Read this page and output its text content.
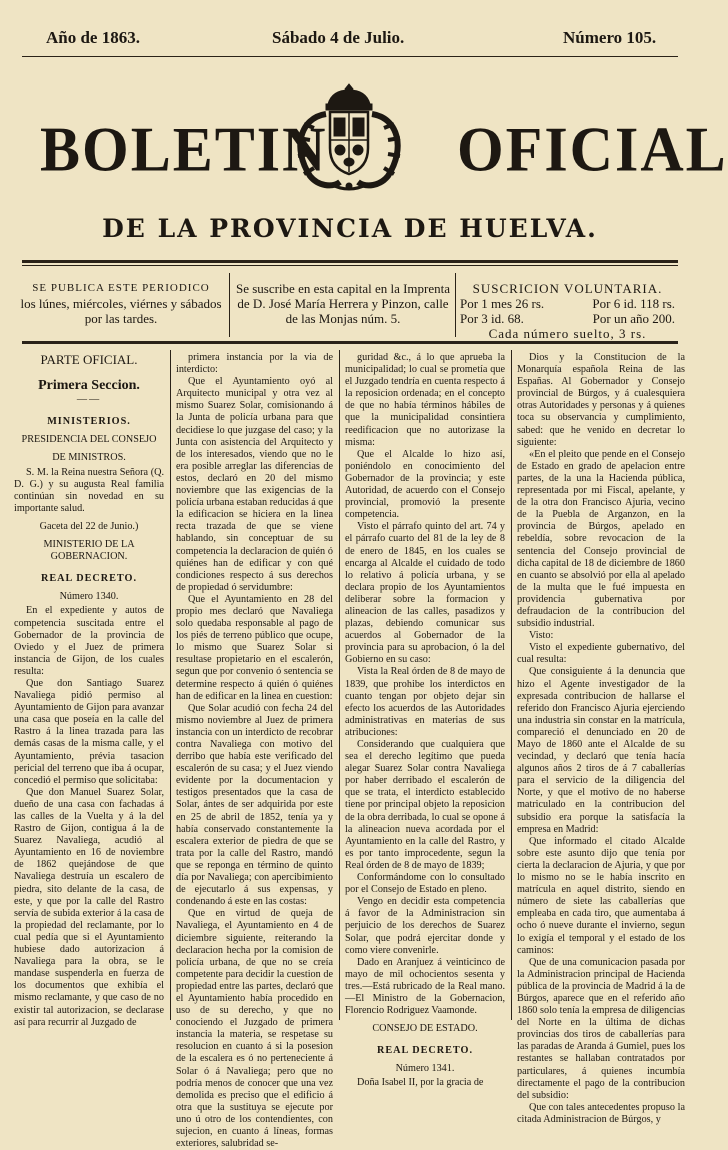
Año de 1863.	Sábado 4 de Julio.	Número 105.
BOLETIN OFICIAL
DE LA PROVINCIA DE HUELVA.
SE PUBLICA ESTE PERIODICO
los lúnes, miércoles, viérnes y sábados
por las tardes.
Se suscribe en esta capital en la Imprenta
de D. José María Herrera y Pinzon, calle
de las Monjas núm. 5.
SUSCRICION VOLUNTARIA.
Por 1 mes 26 rs.	Por 6 id. 118 rs.
Por 3 id. 68.	Por un año 200.
Cada número suelto, 3 rs.

PARTE OFICIAL.

Primera Seccion.

——

MINISTERIOS.

PRESIDENCIA DEL CONSEJO

DE MINISTROS.

S. M. la Reina nuestra Señora (Q. D. G.) y su augusta Real familia continúan sin novedad en su importante salud.

Gaceta del 22 de Junio.)

MINISTERIO DE LA GOBERNACION.

REAL DECRETO.

Número 1340.

En el expediente y autos de competencia suscitada entre el Gobernador de la provincia de Oviedo y el Juez de primera instancia de Gijon, de los cuales resulta:

Que don Santiago Suarez Navaliega pidió permiso al Ayuntamiento de Gijon para avanzar una casa que poseía en la calle del Rastro á la linea trazada para las demás casas de la misma calle, y el Ayuntamiento, prévia tasacion pericial del terreno que iba á ocupar, concedió el permiso que solicitaba:

Que don Manuel Suarez Solar, dueño de una casa con fachadas á las calles de la Vuelta y á la del Rastro de Gijon, contigua á la de Suarez Navaliega, acudió al Ayuntamiento en 16 de noviembre de 1862 quejándose de que Navaliega destruía un escalero de piedra, sito delante de la casa, de este, y que por la calle del Rastro servía de subida exterior á la casa de la propiedad del reclamante, por lo cual pedía que si el Ayuntamiento hubiese dado autorizacion á Navaliega para la obra, se le mandase suspenderla en fuerza de los documentos que exhibía el mismo reclamante, y que caso de no existir tal autorizacion, se declarase así para recurrir al Juzgado de

primera instancia por la via de interdicto:

Que el Ayuntamiento oyó al Arquitecto municipal y otra vez al mismo Suarez Solar, comisionando á la Junta de policía urbana para que decidiese lo que juzgase del caso; y la Junta con asistencia del Arquitecto y de los interesados, viendo que no le era posible arreglar las diferencias de estos, declaró en 20 del mismo noviembre que las exigencias de la policía urbana estaban reducidas á que la edificacion se hiciera en la linea recta trazada de que se viene hablando, sin conceptuar de su competencia la declaracion de quién ó quiénes han de edificar y con qué condiciones respecto á sus derechos de propiedad ó servidumbre:

Que el Ayuntamiento en 28 del propio mes declaró que Navaliega solo quedaba responsable al pago de los piés de terreno público que ocupe, lo mismo que Suarez Solar si resultase propietario en el escalerón, segun que por convenio ó sentencia se determine respecto á quién ó quiénes han de edificar en la linea en cuestion:

Que Solar acudió con fecha 24 del mismo noviembre al Juez de primera instancia con un interdicto de recobrar contra Navaliega con motivo del derribo que había este verificado del escalerón de su casa; y el Juez viendo evidente por la documentacion y testigos presentados que la casa de Solar, ántes de ser adquirida por este en 25 de abril de 1852, tenía ya y había conservado constantemente la escalera exterior de piedra de que se trata por la calle del Rastro, mandó que se reponga en término de quinto día por Navaliega; con apercibimiento de ejecutarlo á sus expensas, y condenando á este en las costas:

Que en virtud de queja de Navaliega, el Ayuntamiento en 4 de diciembre siguiente, reiterando la declaracion hecha por la comision de policía urbana, de que no se creía competente para decidir la cuestion de propiedad entre las partes, declaró que el Ayuntamiento había procedido en uso de su derecho, y que no conociendo el Juzgado de primera instancia la materia, se respetase su resolucion en cuanto á si la posesion de la escalera es ó no perteneciente á Solar ó á Navaliega; pero que no podría menos de conocer que una vez demolida es preciso que el edificio á otra que la sustituya se ejecute por uno ú otro de los contendientes, con sujecion, en cuanto á líneas, formas exteriores, salubridad se-

guridad &c., á lo que aprueba la municipalidad; lo cual se prometía que el Juzgado tendría en cuenta respecto á la reposicion ordenada; en el concepto de que no había términos hábiles de que la municipalidad consintiera reedificacion que no autorizase la misma:

Que el Alcalde lo hizo así, poniéndolo en conocimiento del Gobernador de la provincia; y este Autoridad, de acuerdo con el Consejo provincial, promovió la presente competencia.

Visto el párrafo quinto del art. 74 y el párrafo cuarto del 81 de la ley de 8 de enero de 1845, en los cuales se encarga al Alcalde el cuidado de todo lo relativo á policía urbana, y se declara propio de los Ayuntamientos deliberar sobre la formacion y alineacion de las calles, pasadizos y plazas, debiendo comunicar sus acuerdos al Gobernador de la provincia para su aprobacion, ó la del Gobierno en su caso:

Vista la Real órden de 8 de mayo de 1839, que prohibe los interdictos en cuanto tengan por objeto dejar sin efecto los acuerdos de las Autoridades administrativas en materias de sus atribuciones:

Considerando que cualquiera que sea el derecho legítimo que pueda alegar Suarez Solar contra Navaliega por haber derribado el escalerón de que se trata, el interdicto establecido tiene por principal objeto la reposicion de la obra derribada, lo cual se opone á la alineacion nueva acordada por el Ayuntamiento en la calle del Rastro, y es por tanto improcedente, segun la Real órden de 8 de mayo de 1839;

Conformándome con lo consultado por el Consejo de Estado en pleno.

Vengo en decidir esta competencia á favor de la Administracion sin perjuicio de los derechos de Suarez Solar, que podrá ejercitar donde y como viere convenirle.

Dado en Aranjuez á veinticinco de mayo de mil ochocientos sesenta y tres.—Está rubricado de la Real mano. —El Ministro de la Gobernacion, Florencio Rodriguez Vaamonde.

CONSEJO DE ESTADO.

REAL DECRETO.

Número 1341.

Doña Isabel II, por la gracia de

Dios y la Constitucion de la Monarquía española Reina de las Españas. Al Gobernador y Consejo provincial de Búrgos, y á cualesquiera otras Autoridades y personas y á quienes toca su observancia y cumplimiento, sabed: que he venido en decretar lo siguiente:

«En el pleito que pende en el Consejo de Estado en grado de apelacion entre partes, de la una la Hacienda pública, representada por mi Fiscal, apelante, y de la otra don Francisco Ajuria, vecino de la Puebla de Arganzon, en la provincia de Búrgos, apelado en rebeldía, sobre revocacion de la sentencia del Consejo provincial de dicha capital de 18 de diciembre de 1860 en cuanto se absolvió por ella al apelado de la multa que le fué impuesta en providencia gubernativa por defraudacion de la contribucion del subsidio industrial.

Visto:

Visto el expediente gubernativo, del cual resulta:

Que consiguiente á la denuncia que hizo el Agente investigador de la expresada contribucion de hallarse el referido don Francisco Ajuria ejerciendo una industria sin constar en la matrícula, compareció el denunciado en 20 de Mayo de 1860 ante el Alcalde de su vecindad, y declaró que tenía hacía algunos años 2 tiros de á 7 caballerías para el servicio de la diligencia del Norte, y que el motivo de no haberse matriculado en la contribucion del subsidio era porque la satisfacía la empresa en Madrid:

Que informado el citado Alcalde sobre este asunto dijo que tenía por cierta la declaracion de Ajuria, y que por lo mismo no se le había inscrito en matrícula en aquel distrito, siendo en número de siete las caballerías que empleaba en cada tiro, que aumentaba á ocho ó nueve durante el invierno, segun lo exigía el temporal y el estado de los caminos:

Que de una comunicacion pasada por la Administracion principal de Hacienda pública de la provincia de Madrid á la de Búrgos, aparece que en el referido año 1860 solo tenía la empresa de diligencias del Norte en la última de dichas provincias dos tiros de caballerías para las paradas de Aranda á Gumiel, pues los restantes se hallaban contratados por particulares, á quienes incumbía directamente el pago de la contribucion del subsidio:

Que con tales antecedentes propuso la citada Administracion de Búrgos, y
